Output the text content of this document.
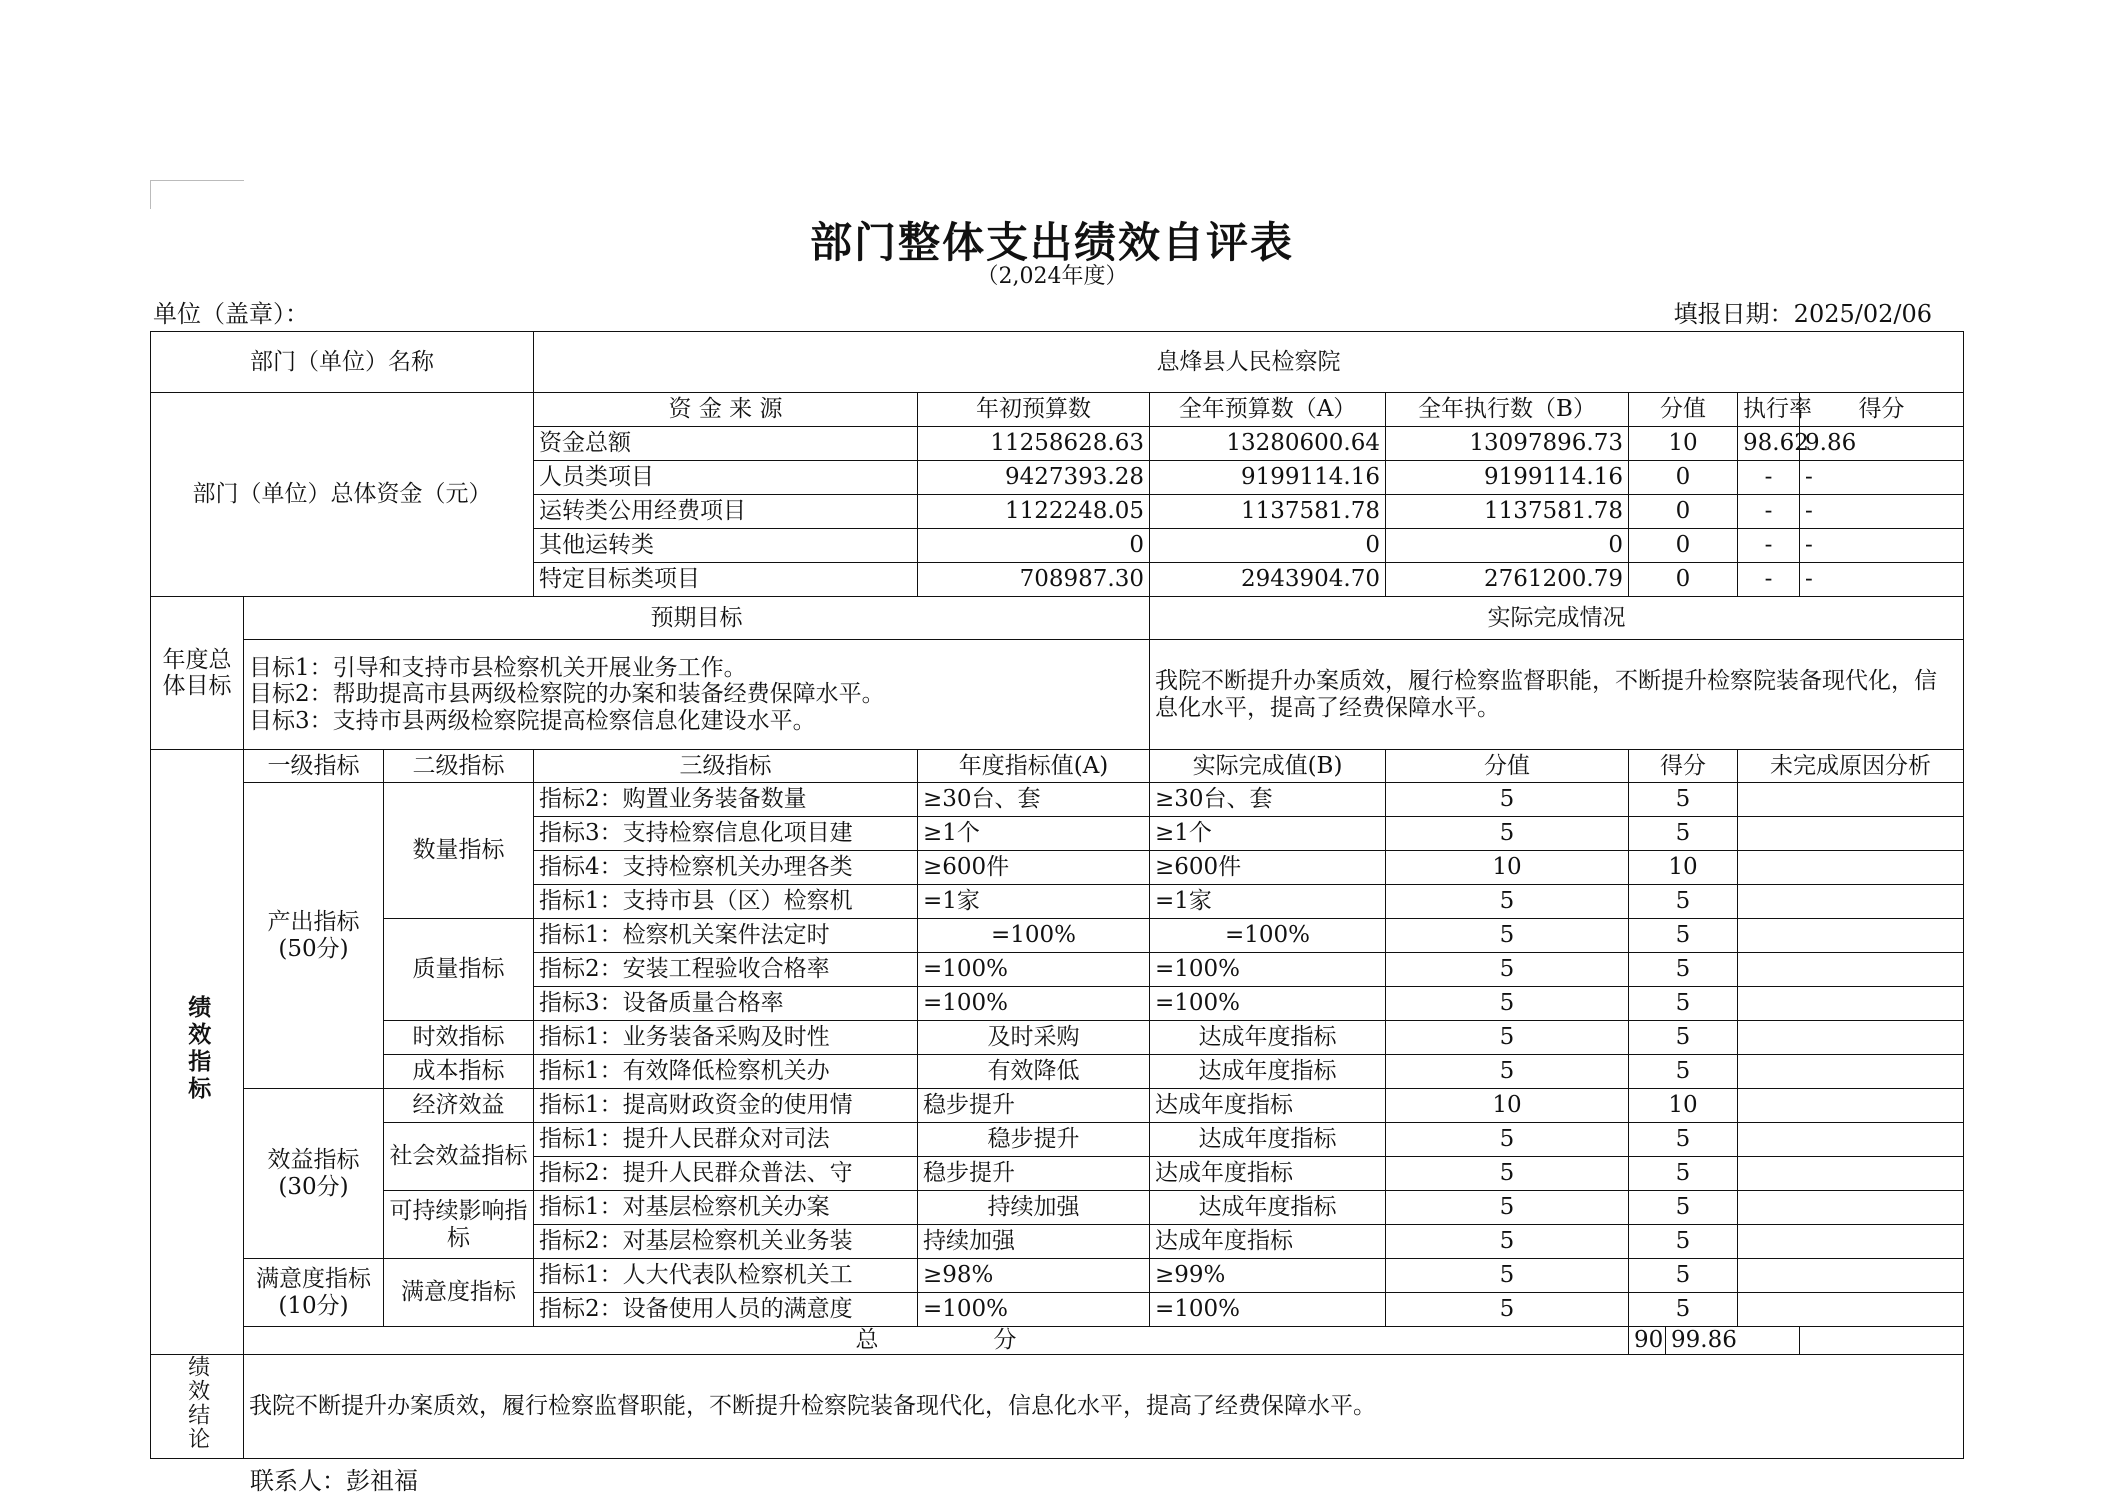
部门整体支出绩效自评表
（2,024年度）
单位（盖章）：	填报日期：2025/02/06
部门（单位）名称			息烽县人民检察院							
部门（单位）总体资金（元）			资 金 来 源	年初预算数	全年预算数（A）	全年执行数（B）	分值		执行率	得分
			资金总额	11258628.63	13280600.64	13097896.73	10		98.62	9.86
			人员类项目	9427393.28	9199114.16	9199114.16	0		-	-
			运转类公用经费项目	1122248.05	1137581.78	1137581.78	0		-	-
			其他运转类	0	0	0	0		-	-
			特定目标类项目	708987.30	2943904.70	2761200.79	0		-	-
年度总体目标	预期目标				实际完成情况					

	目标1：引导和支持市县检察机关开展业务工作。
目标2：帮助提高市县两级检察院的办案和装备经费保障水平。
目标3：支持市县两级检察院提高检察信息化建设水平。				我院不断提升办案质效，履行检察监督职能，不断提升检察院装备现代化，信息化水平，提高了经费保障水平。					
绩效指标	一级指标	二级指标	三级指标	年度指标值(A)	实际完成值(B)	分值	得分		未完成原因分析	
	产出指标(50分)	数量指标	指标2：购置业务装备数量	≥30台、套	≥30台、套	5	5			
			指标3：支持检察信息化项目建	≥1个	≥1个	5	5			
			指标4：支持检察机关办理各类	≥600件	≥600件	10	10			
			指标1：支持市县（区）检察机	=1家	=1家	5	5			
		质量指标	指标1：检察机关案件法定时	=100%	=100%	5	5			
			指标2：安装工程验收合格率	=100%	=100%	5	5			
			指标3：设备质量合格率	=100%	=100%	5	5			
		时效指标	指标1：业务装备采购及时性	及时采购	达成年度指标	5	5			
		成本指标	指标1：有效降低检察机关办	有效降低	达成年度指标	5	5			
	效益指标(30分)	经济效益	指标1：提高财政资金的使用情	稳步提升	达成年度指标	10	10			
		社会效益指标	指标1：提升人民群众对司法	稳步提升	达成年度指标	5	5			
			指标2：提升人民群众普法、守	稳步提升	达成年度指标	5	5			
		可持续影响指标	指标1：对基层检察机关办案	持续加强	达成年度指标	5	5			
			指标2：对基层检察机关业务装	持续加强	达成年度指标	5	5			
	满意度指标(10分)	满意度指标	指标1：人大代表队检察机关工	≥98%	≥99%	5	5			
			指标2：设备使用人员的满意度	=100%	=100%	5	5			
	总　　　　　分						90	99.86		
绩效结论	我院不断提升办案质效，履行检察监督职能，不断提升检察院装备现代化，信息化水平，提高了经费保障水平。									
联系人：彭祖福
